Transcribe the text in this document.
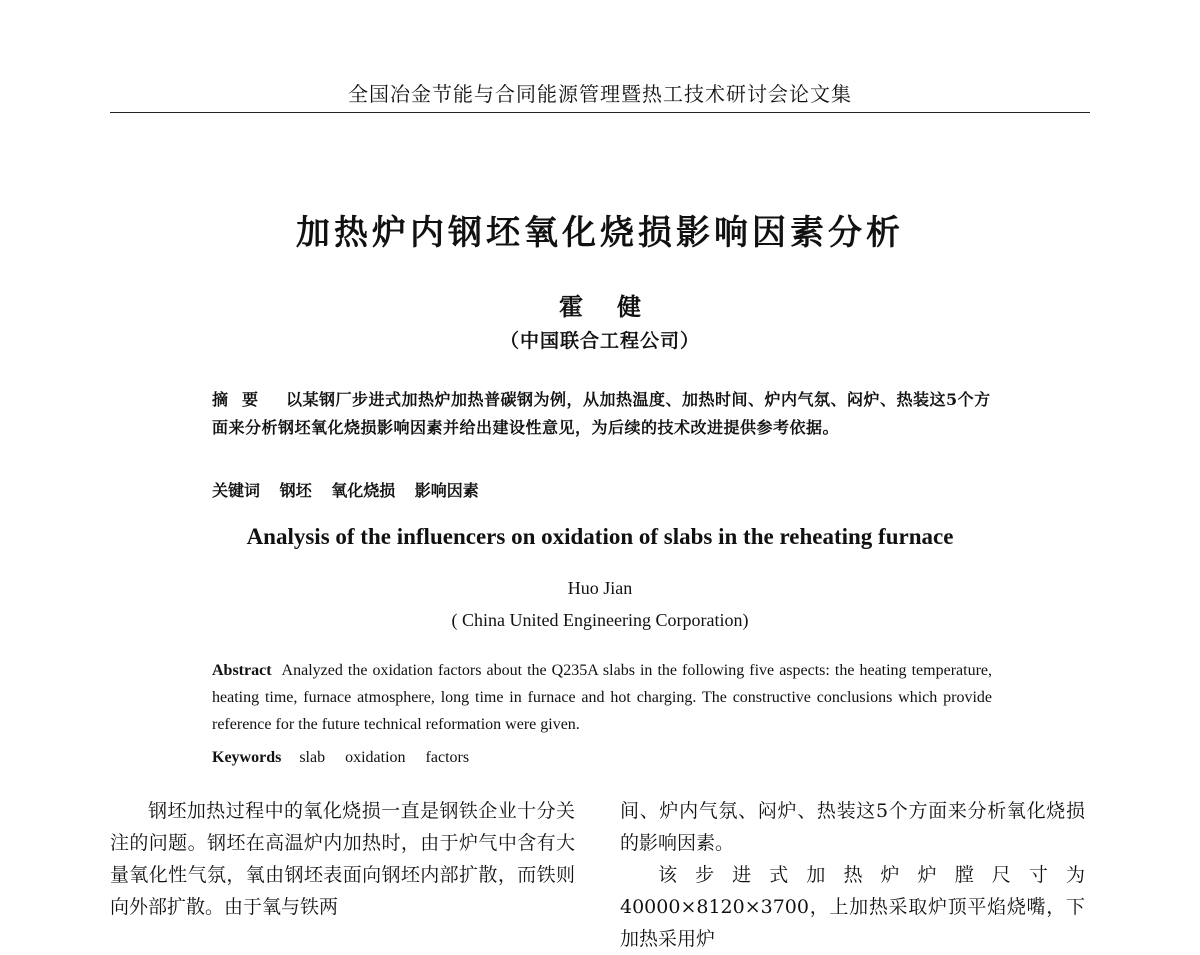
全国冶金节能与合同能源管理暨热工技术研讨会论文集
加热炉内钢坯氧化烧损影响因素分析
霍健
（中国联合工程公司）
摘要 以某钢厂步进式加热炉加热普碳钢为例，从加热温度、加热时间、炉内气氛、闷炉、热装这5个方面来分析钢坯氧化烧损影响因素并给出建设性意见，为后续的技术改进提供参考依据。
关键词 钢坯 氧化烧损 影响因素
Analysis of the influencers on oxidation of slabs in the reheating furnace
Huo Jian
( China United Engineering Corporation)
Abstract Analyzed the oxidation factors about the Q235A slabs in the following five aspects: the heating temperature, heating time, furnace atmosphere, long time in furnace and hot charging. The constructive conclusions which provide reference for the future technical reformation were given.
Keywords slab oxidation factors

钢坯加热过程中的氧化烧损一直是钢铁企业十分关注的问题。钢坯在高温炉内加热时，由于炉气中含有大量氧化性气氛，氧由钢坯表面向钢坯内部扩散，而铁则向外部扩散。由于氧与铁两

间、炉内气氛、闷炉、热装这5个方面来分析氧化烧损的影响因素。

该步进式加热炉炉膛尺寸为40000×8120×3700，上加热采取炉顶平焰烧嘴，下加热采用炉
